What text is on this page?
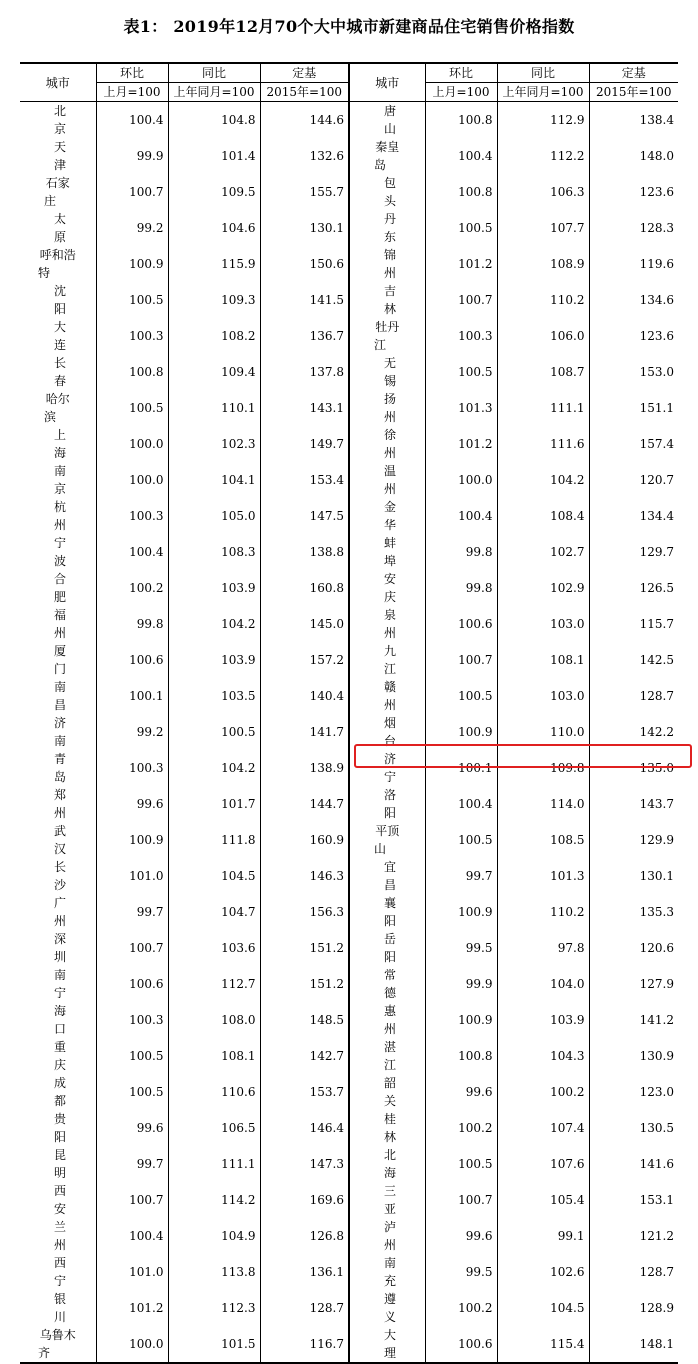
表1： 2019年12月70个大中城市新建商品住宅销售价格指数
城市	环比	同比	定基	城市	环比	同比	定基
	上月=100	上年同月=100	2015年=100		上月=100	上年同月=100	2015年=100
北京	100.4	104.8	144.6	唐山	100.8	112.9	138.4
天津	99.9	101.4	132.6	秦皇岛	100.4	112.2	148.0
石家庄	100.7	109.5	155.7	包头	100.8	106.3	123.6
太原	99.2	104.6	130.1	丹东	100.5	107.7	128.3
呼和浩特	100.9	115.9	150.6	锦州	101.2	108.9	119.6
沈阳	100.5	109.3	141.5	吉林	100.7	110.2	134.6
大连	100.3	108.2	136.7	牡丹江	100.3	106.0	123.6
长春	100.8	109.4	137.8	无锡	100.5	108.7	153.0
哈尔滨	100.5	110.1	143.1	扬州	101.3	111.1	151.1
上海	100.0	102.3	149.7	徐州	101.2	111.6	157.4
南京	100.0	104.1	153.4	温州	100.0	104.2	120.7
杭州	100.3	105.0	147.5	金华	100.4	108.4	134.4
宁波	100.4	108.3	138.8	蚌埠	99.8	102.7	129.7
合肥	100.2	103.9	160.8	安庆	99.8	102.9	126.5
福州	99.8	104.2	145.0	泉州	100.6	103.0	115.7
厦门	100.6	103.9	157.2	九江	100.7	108.1	142.5
南昌	100.1	103.5	140.4	赣州	100.5	103.0	128.7
济南	99.2	100.5	141.7	烟台	100.9	110.0	142.2
青岛	100.3	104.2	138.9	济宁	100.1	109.8	135.0
郑州	99.6	101.7	144.7	洛阳	100.4	114.0	143.7
武汉	100.9	111.8	160.9	平顶山	100.5	108.5	129.9
长沙	101.0	104.5	146.3	宜昌	99.7	101.3	130.1
广州	99.7	104.7	156.3	襄阳	100.9	110.2	135.3
深圳	100.7	103.6	151.2	岳阳	99.5	97.8	120.6
南宁	100.6	112.7	151.2	常德	99.9	104.0	127.9
海口	100.3	108.0	148.5	惠州	100.9	103.9	141.2
重庆	100.5	108.1	142.7	湛江	100.8	104.3	130.9
成都	100.5	110.6	153.7	韶关	99.6	100.2	123.0
贵阳	99.6	106.5	146.4	桂林	100.2	107.4	130.5
昆明	99.7	111.1	147.3	北海	100.5	107.6	141.6
西安	100.7	114.2	169.6	三亚	100.7	105.4	153.1
兰州	100.4	104.9	126.8	泸州	99.6	99.1	121.2
西宁	101.0	113.8	136.1	南充	99.5	102.6	128.7
银川	101.2	112.3	128.7	遵义	100.2	104.5	128.9
乌鲁木齐	100.0	101.5	116.7	大理	100.6	115.4	148.1
